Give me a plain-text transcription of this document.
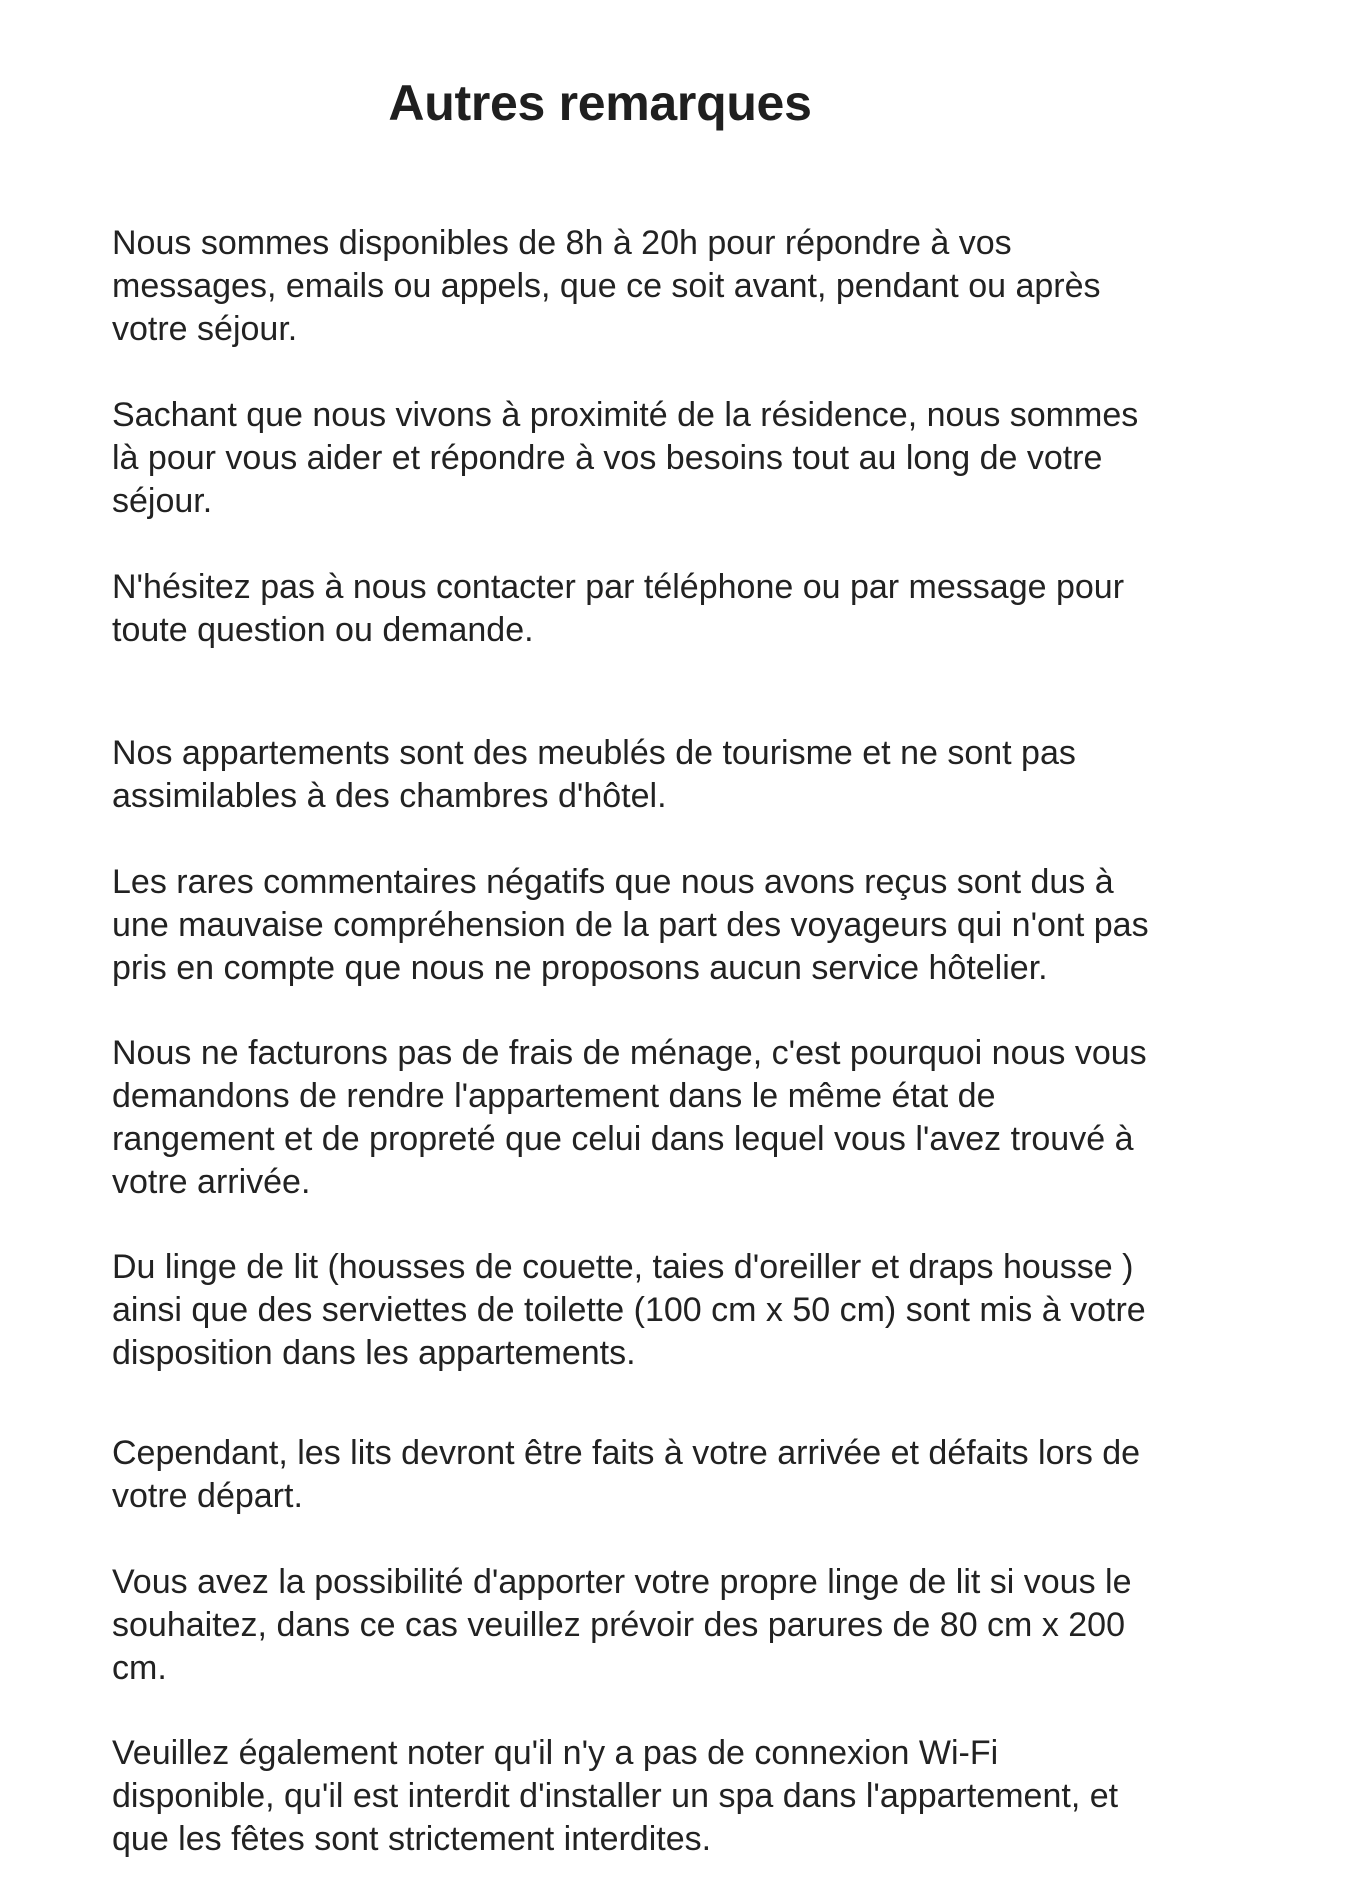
Autres remarques

Nous sommes disponibles de 8h à 20h pour répondre à vos
messages, emails ou appels, que ce soit avant, pendant ou après
votre séjour.

Sachant que nous vivons à proximité de la résidence, nous sommes
là pour vous aider et répondre à vos besoins tout au long de votre
séjour.

N'hésitez pas à nous contacter par téléphone ou par message pour
toute question ou demande.

Nos appartements sont des meublés de tourisme et ne sont pas
assimilables à des chambres d'hôtel.

Les rares commentaires négatifs que nous avons reçus sont dus à
une mauvaise compréhension de la part des voyageurs qui n'ont pas
pris en compte que nous ne proposons aucun service hôtelier.

Nous ne facturons pas de frais de ménage, c'est pourquoi nous vous
demandons de rendre l'appartement dans le même état de
rangement et de propreté que celui dans lequel vous l'avez trouvé à
votre arrivée.

Du linge de lit (housses de couette, taies d'oreiller et draps housse )
ainsi que des serviettes de toilette (100 cm x 50 cm) sont mis à votre
disposition dans les appartements.

Cependant, les lits devront être faits à votre arrivée et défaits lors de
votre départ.

Vous avez la possibilité d'apporter votre propre linge de lit si vous le
souhaitez, dans ce cas veuillez prévoir des parures de 80 cm x 200
cm.

Veuillez également noter qu'il n'y a pas de connexion Wi-Fi
disponible, qu'il est interdit d'installer un spa dans l'appartement, et
que les fêtes sont strictement interdites.
